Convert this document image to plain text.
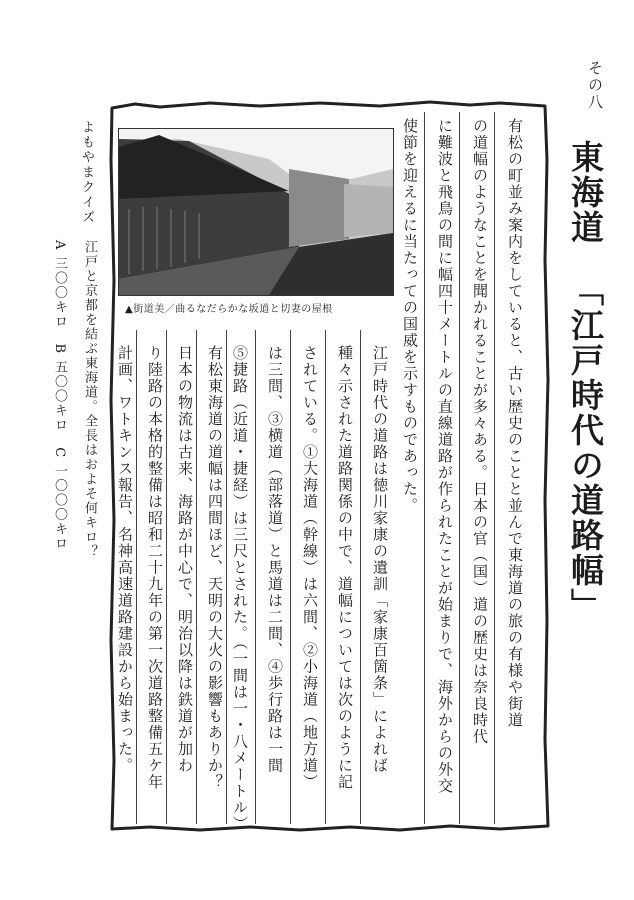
その八
東海道 「江戸時代の道路幅」
有松の町並み案内をしていると、古い歴史のことと並んで東海道の旅の有様や街道
の道幅のようなことを聞かれることが多々ある。日本の官（国）道の歴史は奈良時代
に難波と飛鳥の間に幅四十メートルの直線道路が作られたことが始まりで、海外からの外交
使節を迎えるに当たっての国威を示すものであった。
▲街道美／曲るなだらかな坂道と切妻の屋根
江戸時代の道路は徳川家康の遺訓「家康百箇条」によれば
種々示された道路関係の中で、道幅については次のように記
されている。①大海道（幹線）は六間、②小海道（地方道）
は三間、③横道（部落道）と馬道は二間、④歩行路は一間
⑤捷路（近道・捷経）は三尺とされた。（一間は一・八メートル）
有松東海道の道幅は四間ほど、天明の大火の影響もありか？
日本の物流は古来、海路が中心で、明治以降は鉄道が加わ
り陸路の本格的整備は昭和二十九年の第一次道路整備五ケ年
計画、ワトキンス報告、名神高速道路建設から始まった。
よもやまクイズ
江戸と京都を結ぶ東海道。全長はおよそ何キロ？
A 三〇〇キロ　B 五〇〇キロ　C 一〇〇〇キロ
